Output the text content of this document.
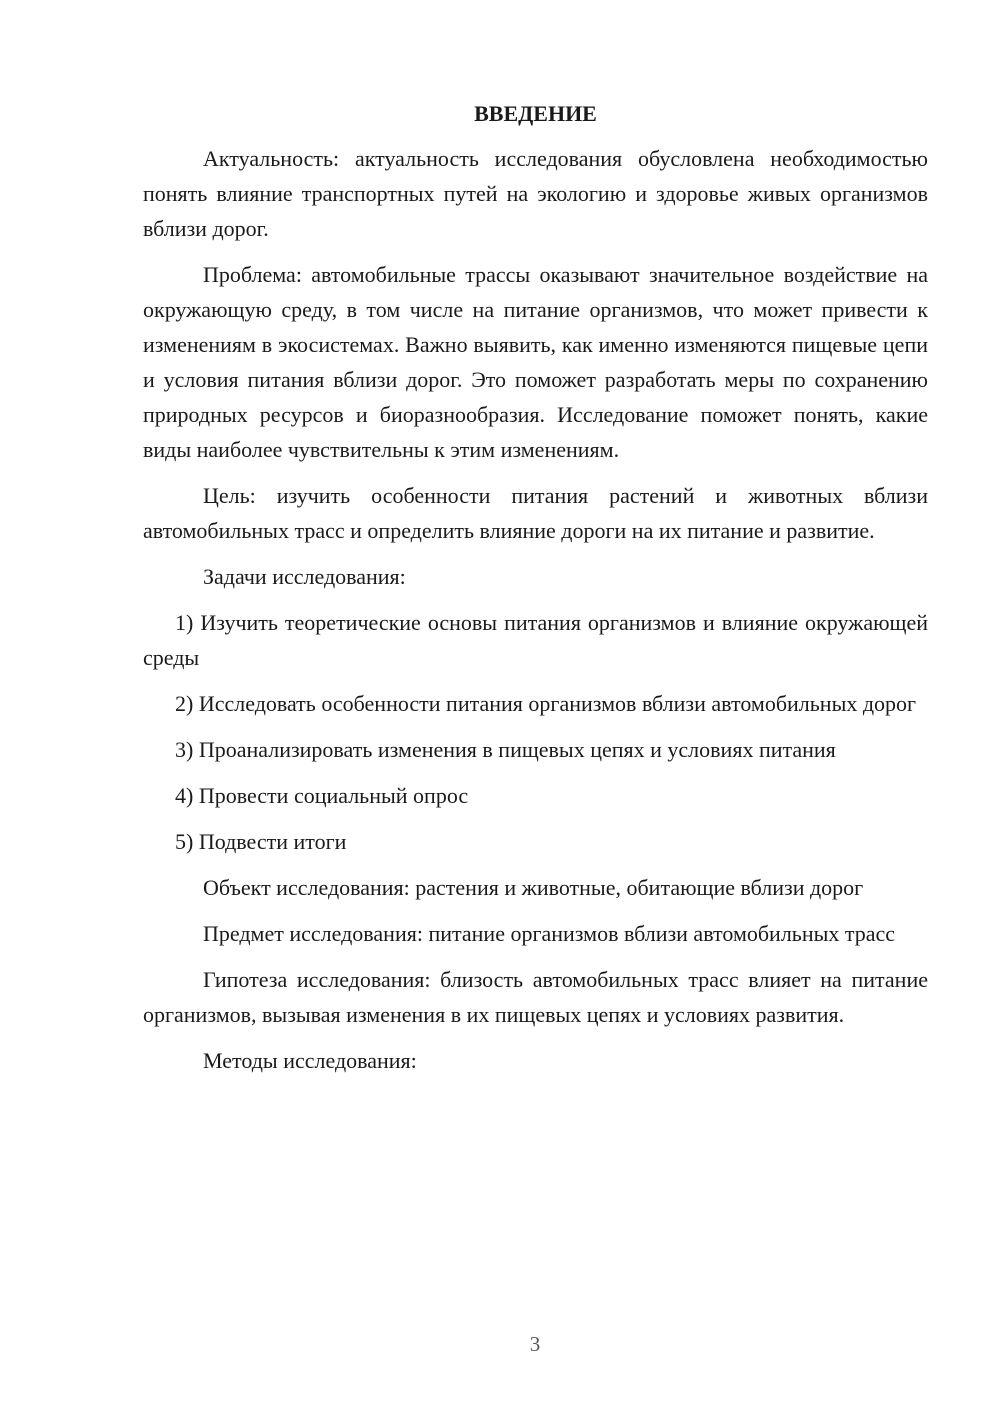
ВВЕДЕНИЕ

Актуальность: актуальность исследования обусловлена необходимостью понять влияние транспортных путей на экологию и здоровье живых организмов вблизи дорог.

Проблема: автомобильные трассы оказывают значительное воздействие на окружающую среду, в том числе на питание организмов, что может привести к изменениям в экосистемах. Важно выявить, как именно изменяются пищевые цепи и условия питания вблизи дорог. Это поможет разработать меры по сохранению природных ресурсов и биоразнообразия. Исследование поможет понять, какие виды наиболее чувствительны к этим изменениям.

Цель: изучить особенности питания растений и животных вблизи автомобильных трасс и определить влияние дороги на их питание и развитие.

Задачи исследования:

1) Изучить теоретические основы питания организмов и влияние окружающей среды

2) Исследовать особенности питания организмов вблизи автомобильных дорог

3) Проанализировать изменения в пищевых цепях и условиях питания

4) Провести социальный опрос

5) Подвести итоги

Объект исследования: растения и животные, обитающие вблизи дорог

Предмет исследования: питание организмов вблизи автомобильных трасс

Гипотеза исследования: близость автомобильных трасс влияет на питание организмов, вызывая изменения в их пищевых цепях и условиях развития.

Методы исследования:

3
